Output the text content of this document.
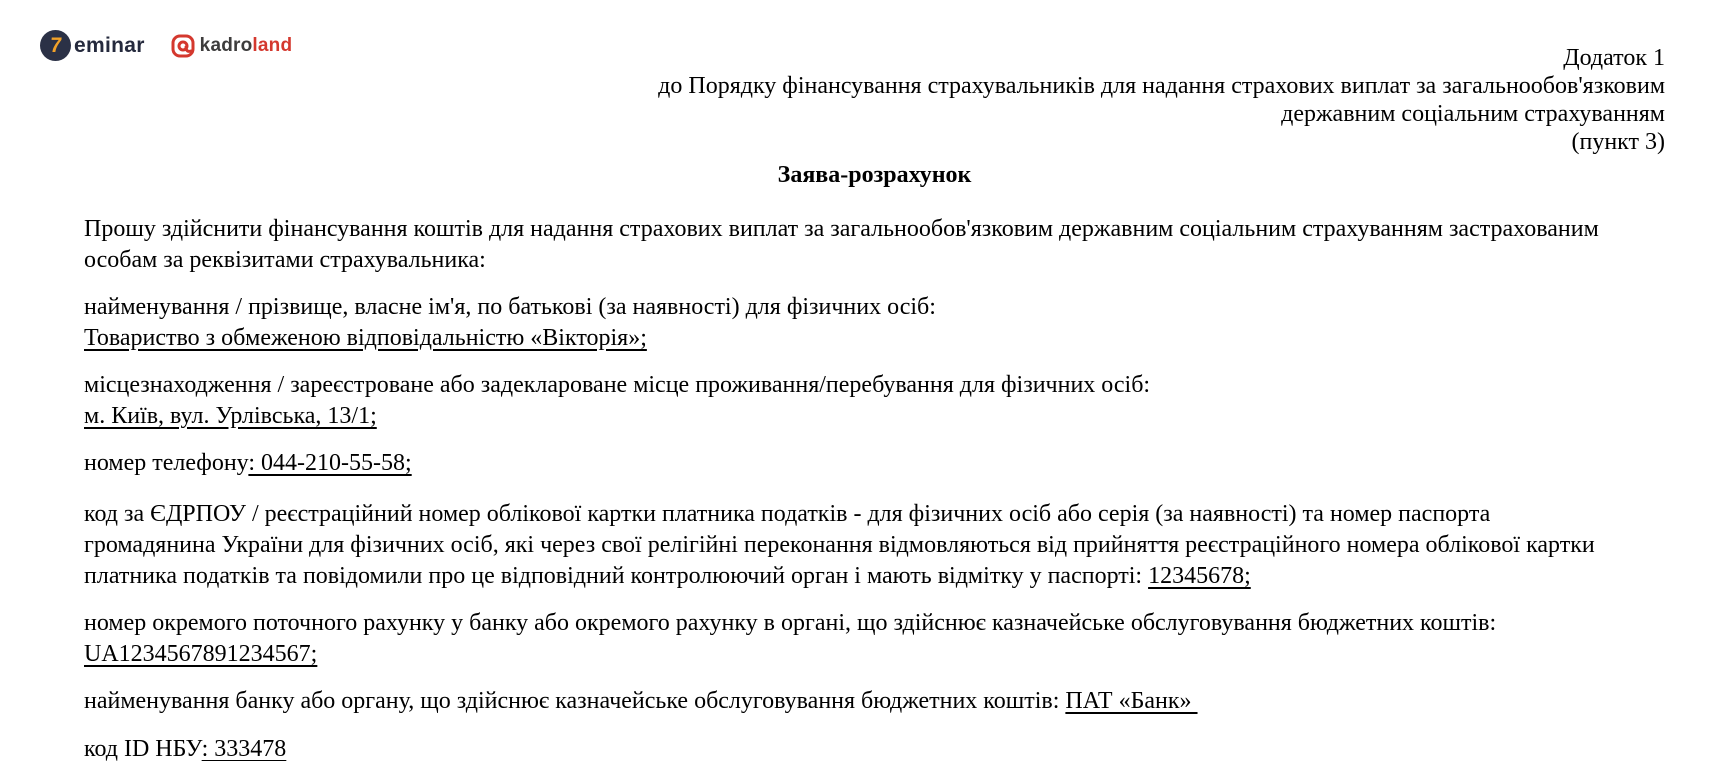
7 eminar	kadroland	Додаток 1
до Порядку фінансування страхувальників для надання страхових виплат за загальнообов'язковим
державним соціальним страхуванням
(пункт 3)
Заява-розрахунок

Прошу здійснити фінансування коштів для надання страхових виплат за загальнообов'язковим державним соціальним страхуванням застрахованим особам за реквізитами страхувальника:

найменування / прізвище, власне ім'я, по батькові (за наявності) для фізичних осіб:
Товариство з обмеженою відповідальністю «Вікторія»;

місцезнаходження / зареєстроване або задеклароване місце проживання/перебування для фізичних осіб:
м. Київ, вул. Урлівська, 13/1;

номер телефону: 044-210-55-58;

код за ЄДРПОУ / реєстраційний номер облікової картки платника податків - для фізичних осіб або серія (за наявності) та номер паспорта громадянина України для фізичних осіб, які через свої релігійні переконання відмовляються від прийняття реєстраційного номера облікової картки платника податків та повідомили про це відповідний контролюючий орган і мають відмітку у паспорті: 12345678;

номер окремого поточного рахунку у банку або окремого рахунку в органі, що здійснює казначейське обслуговування бюджетних коштів:
UA1234567891234567;

найменування банку або органу, що здійснює казначейське обслуговування бюджетних коштів: ПАТ «Банк»

код ID НБУ: 333478
